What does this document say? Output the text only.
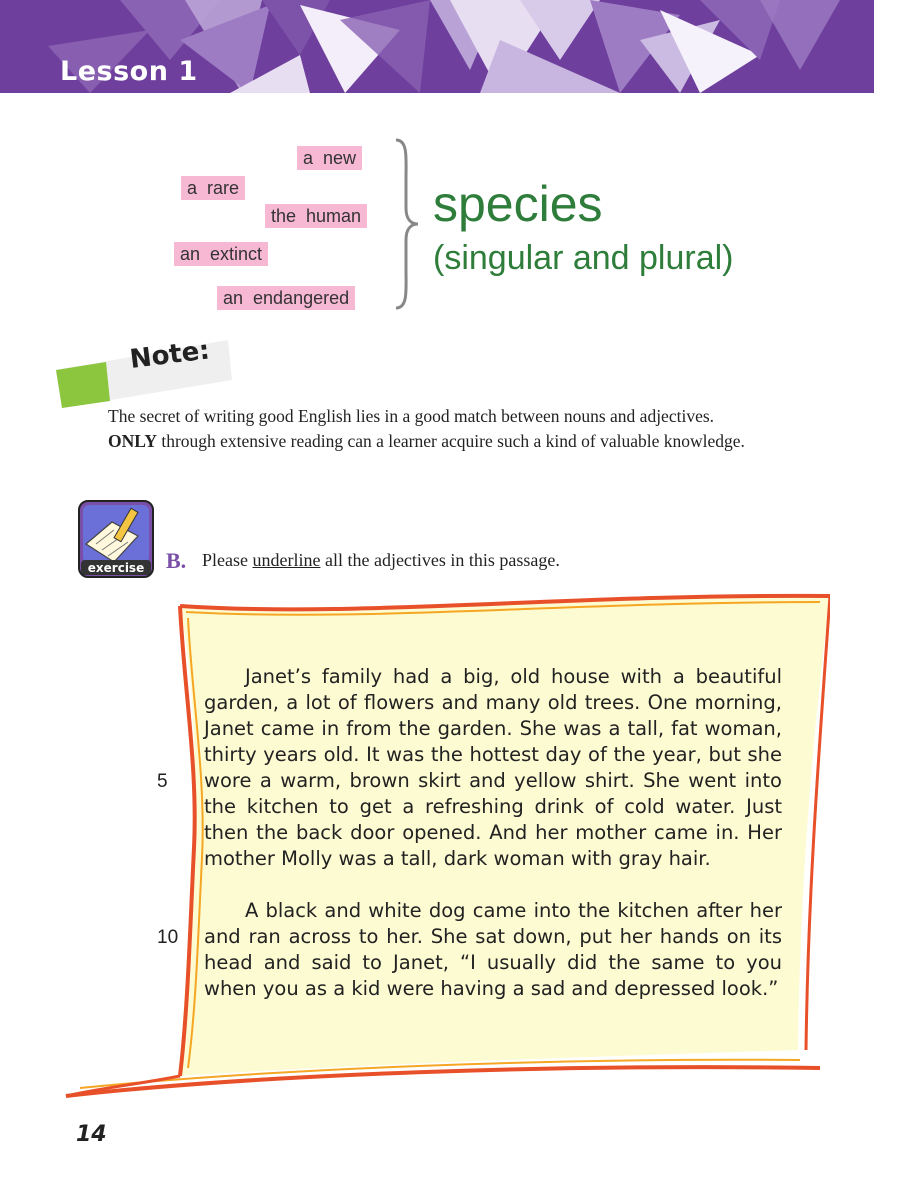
Lesson 1
a  new
a  rare
the  human
an  extinct
an  endangered
species
(singular and plural)
Note:
The secret of writing good English lies in a good match between nouns and adjectives.
ONLY through extensive reading can a learner acquire such a kind of valuable knowledge.
exercise B. Please underline all the adjectives in this passage.

Janet’s family had a big, old house with a beautiful garden, a lot of flowers and many old trees. One morning, Janet came in from the garden. She was a tall, fat woman, thirty years old. It was the hottest day of the year, but she wore a warm, brown skirt and yellow shirt. She went into the kitchen to get a refreshing drink of cold water. Just then the back door opened. And her mother came in. Her mother Molly was a tall, dark woman with gray hair.

A black and white dog came into the kitchen after her and ran across to her. She sat down, put her hands on its head and said to Janet, “I usually did the same to you when you as a kid were having a sad and depressed look.”

5
10
14
